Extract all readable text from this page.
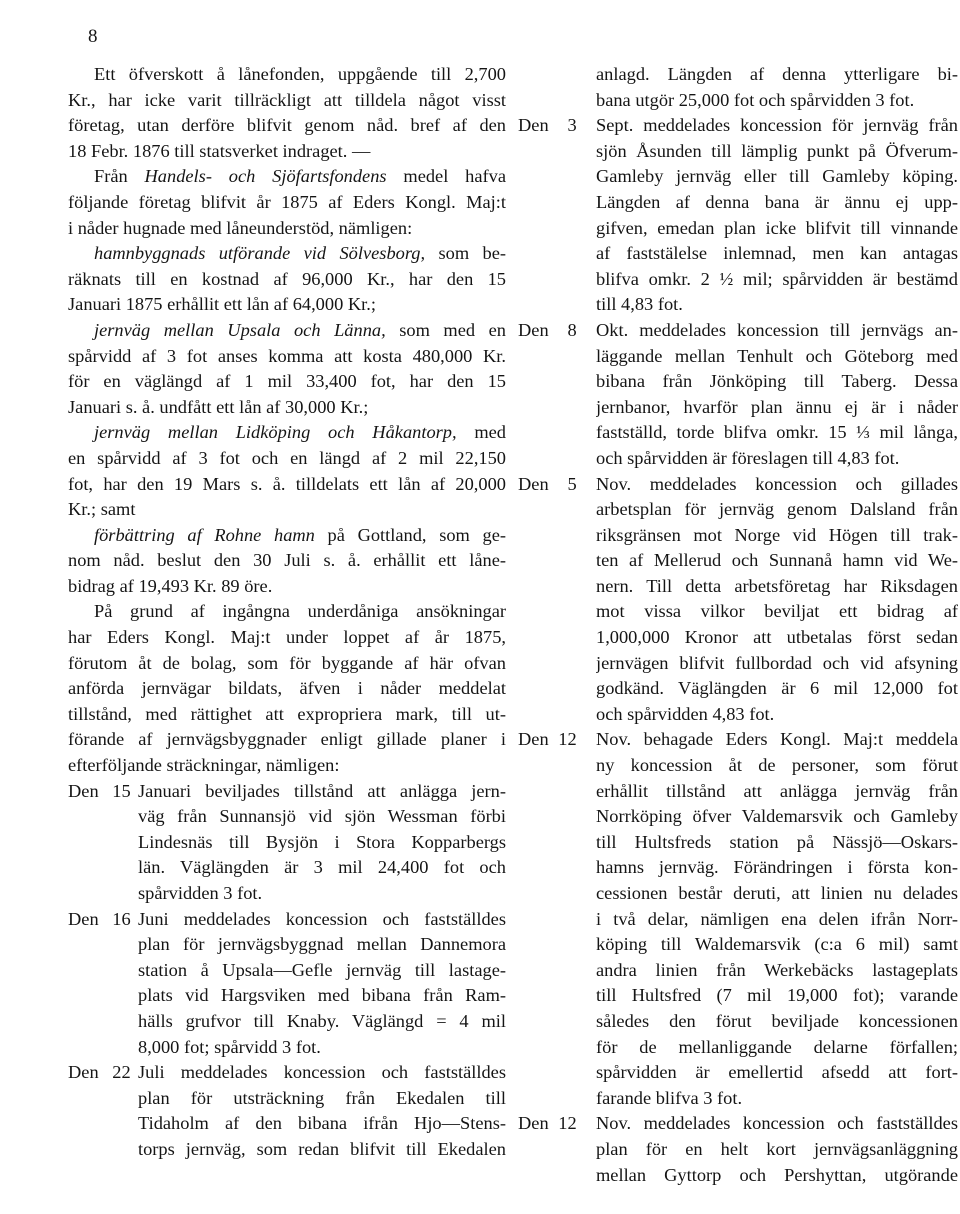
8
Ett öfverskott å lånefonden, uppgående till 2,700
Kr., har icke varit tillräckligt att tilldela något visst
företag, utan derföre blifvit genom nåd. bref af den
18 Febr. 1876 till statsverket indraget. —
Från Handels- och Sjöfartsfondens medel hafva
följande företag blifvit år 1875 af Eders Kongl. Maj:t
i nåder hugnade med låneunderstöd, nämligen:
hamnbyggnads utförande vid Sölvesborg, som be-
räknats till en kostnad af 96,000 Kr., har den 15
Januari 1875 erhållit ett lån af 64,000 Kr.;
jernväg mellan Upsala och Länna, som med en
spårvidd af 3 fot anses komma att kosta 480,000 Kr.
för en väglängd af 1 mil 33,400 fot, har den 15
Januari s. å. undfått ett lån af 30,000 Kr.;
jernväg mellan Lidköping och Håkantorp, med
en spårvidd af 3 fot och en längd af 2 mil 22,150
fot, har den 19 Mars s. å. tilldelats ett lån af 20,000
Kr.; samt
förbättring af Rohne hamn på Gottland, som ge-
nom nåd. beslut den 30 Juli s. å. erhållit ett låne-
bidrag af 19,493 Kr. 89 öre.
På grund af ingångna underdåniga ansökningar
har Eders Kongl. Maj:t under loppet af år 1875,
förutom åt de bolag, som för byggande af här ofvan
anförda jernvägar bildats, äfven i nåder meddelat
tillstånd, med rättighet att expropriera mark, till ut-
förande af jernvägsbyggnader enligt gillade planer i
efterföljande sträckningar, nämligen:
Den 15 Januari beviljades tillstånd att anlägga jern-
väg från Sunnansjö vid sjön Wessman förbi
Lindesnäs till Bysjön i Stora Kopparbergs
län. Väglängden är 3 mil 24,400 fot och
spårvidden 3 fot.
Den 16 Juni meddelades koncession och fastställdes
plan för jernvägsbyggnad mellan Dannemora
station å Upsala—Gefle jernväg till lastage-
plats vid Hargsviken med bibana från Ram-
hälls grufvor till Knaby. Väglängd = 4 mil
8,000 fot; spårvidd 3 fot.
Den 22 Juli meddelades koncession och fastställdes
plan för utsträckning från Ekedalen till
Tidaholm af den bibana ifrån Hjo—Stens-
torps jernväg, som redan blifvit till Ekedalen
anlagd. Längden af denna ytterligare bi-
bana utgör 25,000 fot och spårvidden 3 fot.
Den 3	Sept. meddelades koncession för jernväg från
sjön Åsunden till lämplig punkt på Öfverum-
Gamleby jernväg eller till Gamleby köping.
Längden af denna bana är ännu ej upp-
gifven, emedan plan icke blifvit till vinnande
af faststälelse inlemnad, men kan antagas
blifva omkr. 2 ½ mil; spårvidden är bestämd
till 4,83 fot.
Den 8	Okt. meddelades koncession till jernvägs an-
läggande mellan Tenhult och Göteborg med
bibana från Jönköping till Taberg. Dessa
jernbanor, hvarför plan ännu ej är i nåder
fastställd, torde blifva omkr. 15 ⅓ mil långa,
och spårvidden är föreslagen till 4,83 fot.
Den 5	Nov. meddelades koncession och gillades
arbetsplan för jernväg genom Dalsland från
riksgränsen mot Norge vid Högen till trak-
ten af Mellerud och Sunnanå hamn vid We-
nern. Till detta arbetsföretag har Riksdagen
mot vissa vilkor beviljat ett bidrag af
1,000,000 Kronor att utbetalas först sedan
jernvägen blifvit fullbordad och vid afsyning
godkänd. Väglängden är 6 mil 12,000 fot
och spårvidden 4,83 fot.
Den 12	Nov. behagade Eders Kongl. Maj:t meddela
ny koncession åt de personer, som förut
erhållit tillstånd att anlägga jernväg från
Norrköping öfver Valdemarsvik och Gamleby
till Hultsfreds station på Nässjö—Oskars-
hamns jernväg. Förändringen i första kon-
cessionen består deruti, att linien nu delades
i två delar, nämligen ena delen ifrån Norr-
köping till Waldemarsvik (c:a 6 mil) samt
andra linien från Werkebäcks lastageplats
till Hultsfred (7 mil 19,000 fot); varande
således den förut beviljade koncessionen
för de mellanliggande delarne förfallen;
spårvidden är emellertid afsedd att fort-
farande blifva 3 fot.
Den 12	Nov. meddelades koncession och fastställdes
plan för en helt kort jernvägsanläggning
mellan Gyttorp och Pershyttan, utgörande
